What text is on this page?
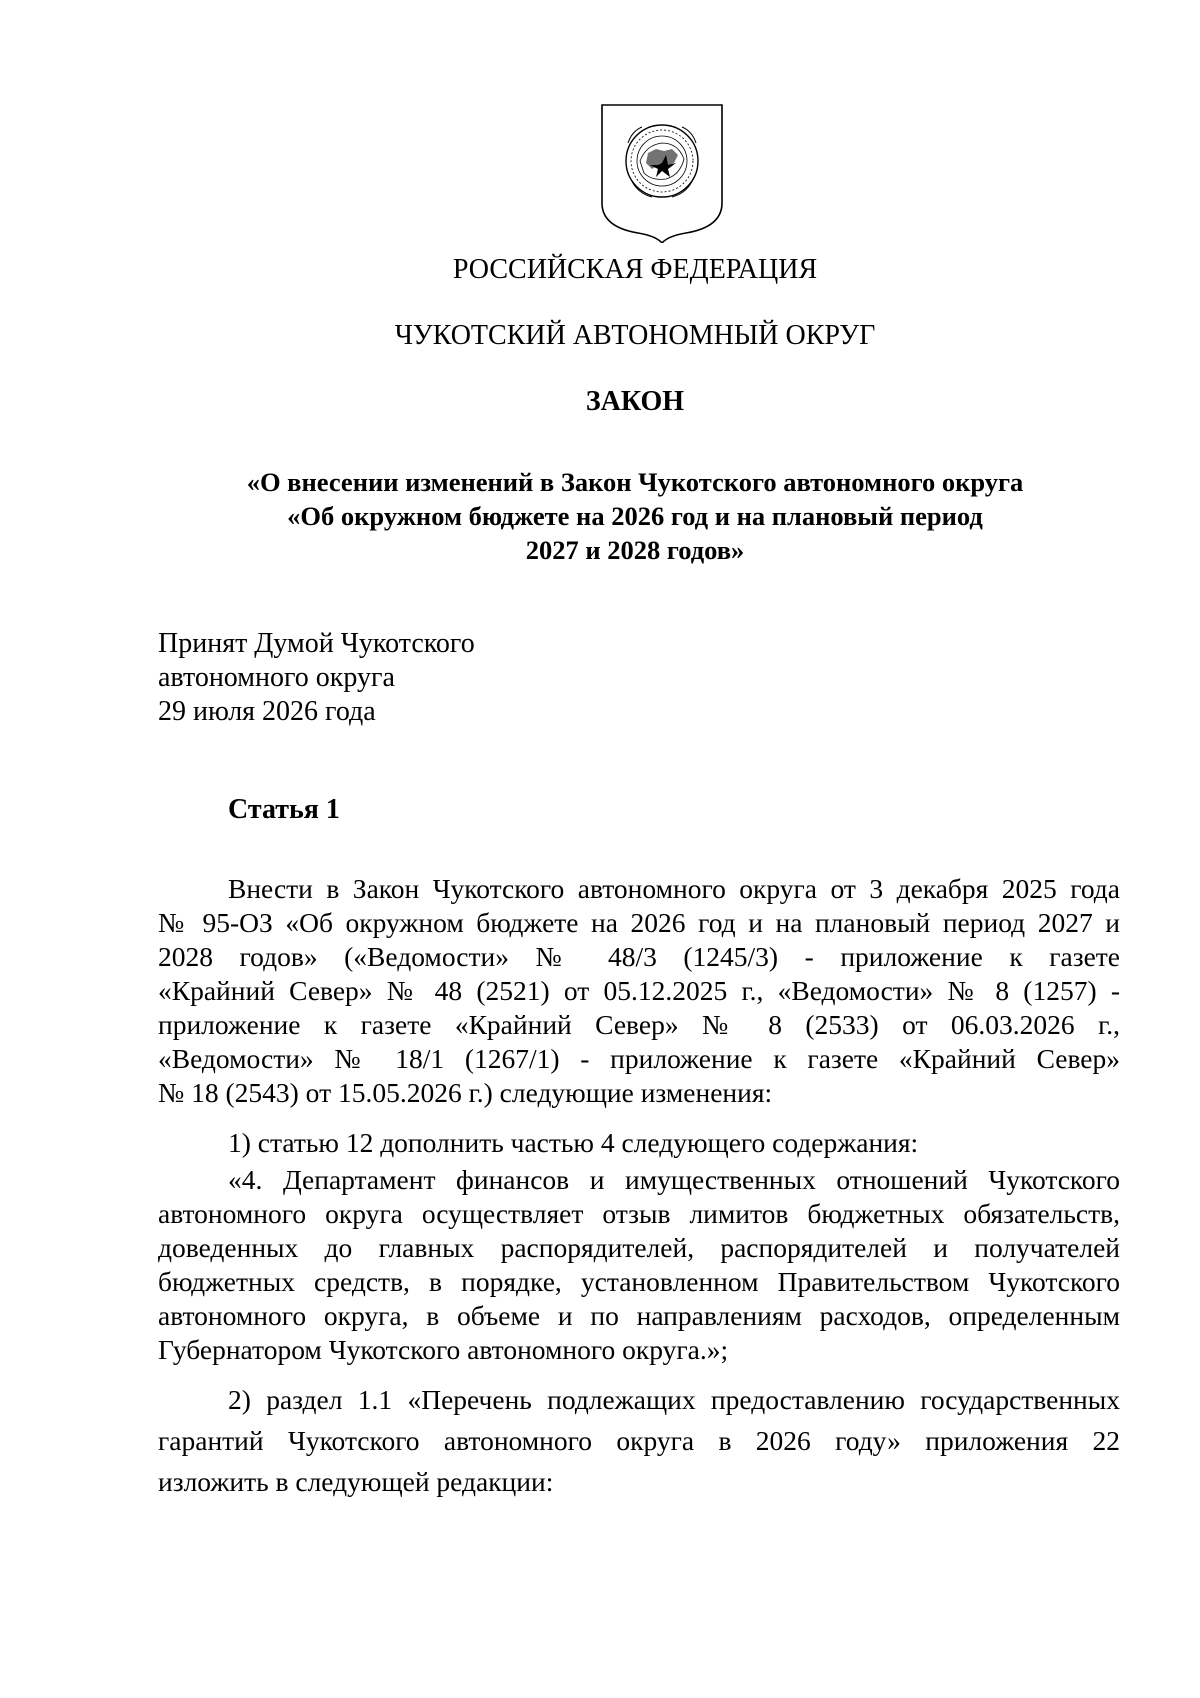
РОССИЙСКАЯ ФЕДЕРАЦИЯ
ЧУКОТСКИЙ АВТОНОМНЫЙ ОКРУГ
ЗАКОН
«О внесении изменений в Закон Чукотского автономного округа
«Об окружном бюджете на 2026 год и на плановый период
2027 и 2028 годов»
Принят Думой Чукотского
автономного округа
29 июля 2026 года
Статья 1
Внести в Закон Чукотского автономного округа от 3 декабря 2025 года
№ 95-ОЗ «Об окружном бюджете на 2026 год и на плановый период 2027 и
2028 годов» («Ведомости» № 48/3 (1245/3) - приложение к газете
«Крайний Север» № 48 (2521) от 05.12.2025 г., «Ведомости» № 8 (1257) -
приложение к газете «Крайний Север» № 8 (2533) от 06.03.2026 г.,
«Ведомости» № 18/1 (1267/1) - приложение к газете «Крайний Север»
№ 18 (2543) от 15.05.2026 г.) следующие изменения:
1) статью 12 дополнить частью 4 следующего содержания:
«4. Департамент финансов и имущественных отношений Чукотского
автономного округа осуществляет отзыв лимитов бюджетных обязательств,
доведенных до главных распорядителей, распорядителей и получателей
бюджетных средств, в порядке, установленном Правительством Чукотского
автономного округа, в объеме и по направлениям расходов, определенным
Губернатором Чукотского автономного округа.»;
2) раздел 1.1 «Перечень подлежащих предоставлению государственных
гарантий Чукотского автономного округа в 2026 году» приложения 22
изложить в следующей редакции:
